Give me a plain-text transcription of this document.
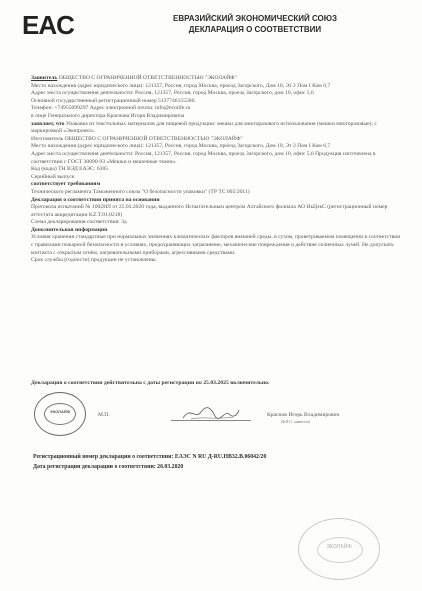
EAC	ЕВРАЗИЙСКИЙ ЭКОНОМИЧЕСКИЙ СОЮЗ
ДЕКЛАРАЦИЯ О СООТВЕТСТВИИ

Заявитель ОБЩЕСТВО С ОГРАНИЧЕННОЙ ОТВЕТСТВЕННОСТЬЮ "ЭКОЛАЙФ"

Место нахождения (адрес юридического лица): 121357, Россия, город Москва, проезд Загорского, Дом 10, Эт 2 Пом I Ком 6,7

Адрес места осуществления деятельности: Россия, 121357, Россия, город Москва, проезд Загорского, дом 10, офис 5,6

Основной государственный регистрационный номер 5137746155586.

Телефон: +74955099297 Адрес электронной почты: info@ecolife.ru

в лице Генерального директора Краснова Игоря Владимировича

заявляет, что Упаковка из текстильных материалов для пищевой продукции: мешки для многоразового использования (мешки многоразовые), с маркировкой «Экопроект».

Изготовитель ОБЩЕСТВО С ОГРАНИЧЕННОЙ ОТВЕТСТВЕННОСТЬЮ "ЭКОЛАЙФ"

Место нахождения (адрес юридического лица): 121357, Россия, город Москва, проезд Загорского, Дом 10, Эт 2 Пом I Ком 6,7

Адрес места осуществления деятельности: Россия, 121357, Россия, город Москва, проезд Загорского, дом 10, офис 5,6 Продукция изготовлена в соответствии с ГОСТ 30090-93 «Мешки и мешочные ткани».

Код (коды) ТН ВЭД ЕАЭС: 6305

Серийный выпуск

соответствует требованиям

Технического регламента Таможенного союза "О безопасности упаковки" (ТР ТС 005/2011)

Декларация о соответствии принята на основании

Протокола испытаний № 1002ИЛ от 25.03.2020 года, выданного Испытательным центром Алтайского филиала АО НьЦэкС (регистрационный номер аттестата аккредитации KZ.T.01.0218)

Схема декларирования соответствия: 3д

Дополнительная информация

Условия хранения стандартные при нормальных значениях климатических факторов внешней среды, в сухом, проветриваемом помещении в соответствии с правилами пожарной безопасности в условиях, предохраняющих загрязнение, механические повреждения и действие солнечных лучей. Не допускать контакта с открытым огнём, нагревательными приборами, агрессивными средствами.

Срок службы (годности) продукции не установлены.

Декларация о соответствии действительна с даты регистрации по 25.03.2025 включительно.
ЭКОЛАЙФ
М.П.	Краснов Игорь Владимирович
(Ф.И.О. заявителя)
Регистрационный номер декларации о соответствии: ЕАЭС N RU Д-RU.НВ32.В.06042/20
Дата регистрации декларации о соответствии: 26.03.2020
ЭКОЛАЙФ
